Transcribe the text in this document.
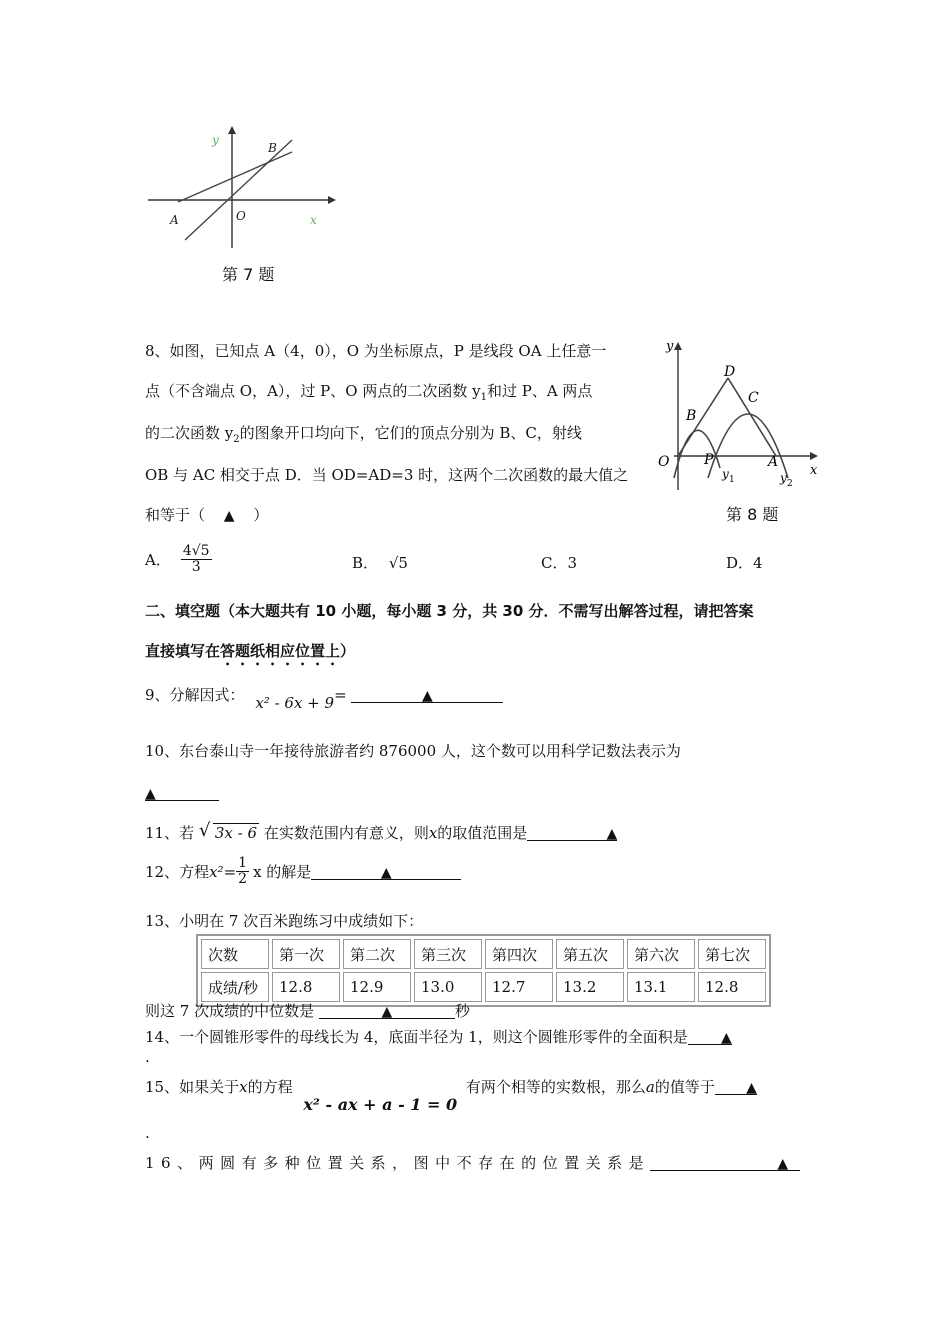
y
x
A
B
O
第 7 题
8、如图，已知点 A（4，0），O 为坐标原点，P 是线段 OA 上任意一
点（不含端点 O，A），过 P、O 两点的二次函数 $y_1$和过 P、A 两点
的二次函数 $y_2$的图象开口均向下，它们的顶点分别为 B、C，射线
OB 与 AC 相交于点 D．当 OD=AD=3 时，这两个二次函数的最大值之
和等于（ ▲ ）
y
x
O P	A
B
C
D
y 1	y 2
第 8 题
A． $\frac{4√5}{3}$	B． √5	C．3	D．4
二、填空题（本大题共有 10 小题，每小题 3 分，共 30 分．不需写出解答过程，请把答案
直接填写在答题纸相应位置上）
9、分解因式： x² - 6x + 9=	▲
10、东台泰山寺一年接待旅游者约 876000 人，这个数可以用科学记数法表示为
▲
11、若 √ 3x - 6 在实数范围内有意义，则x的取值范围是	▲
12、方程 $x^2 = \frac{1}{2}$ x 的解是	▲
13、小明在 7 次百米跑练习中成绩如下：
次数	第一次	第二次	第三次	第四次	第五次	第六次	第七次
成绩/秒	12.8	12.9	13.0	12.7	13.2	13.1	12.8
则这 7 次成绩的中位数是	▲	秒
14、一个圆锥形零件的母线长为 4，底面半径为 1，则这个圆锥形零件的全面积是 ▲
.
15、如果关于x的方程 x² - ax + a - 1 = 0 有两个相等的实数根，那么a的值等于 ▲
.
16、两圆有多种位置关系，图中不存在的位置关系是	▲
